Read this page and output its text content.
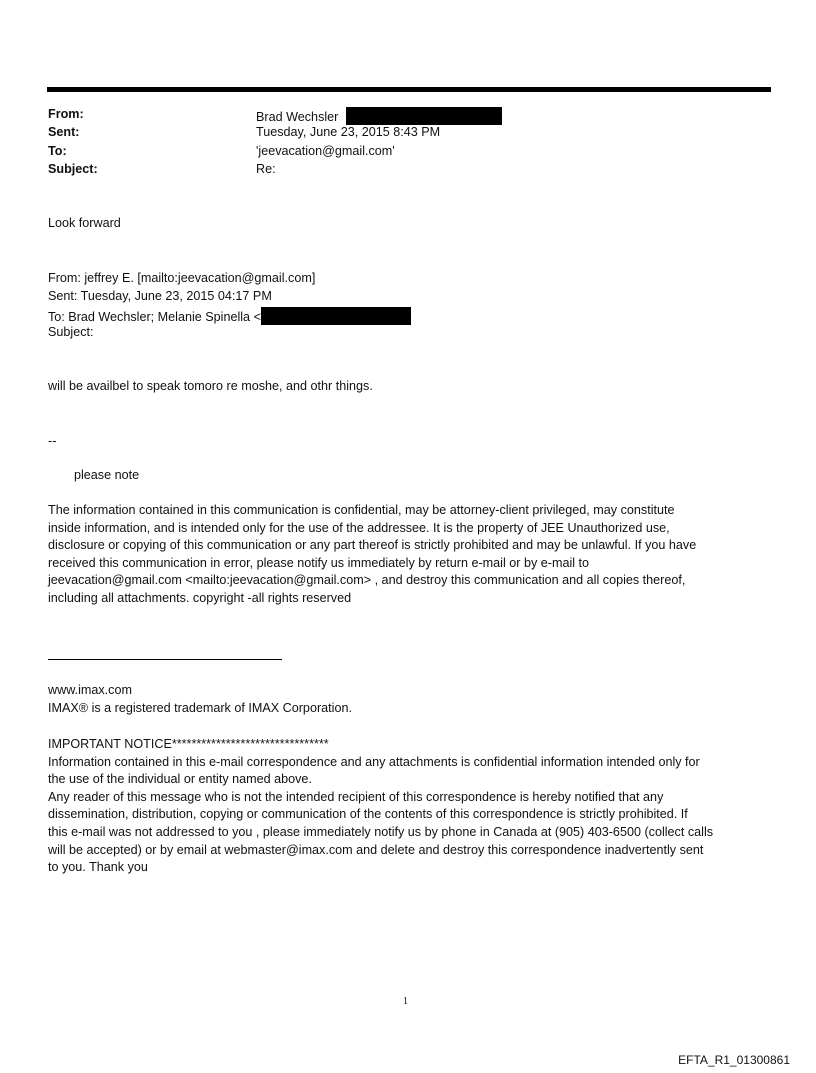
From:	Brad Wechsler
Sent:	Tuesday, June 23, 2015 8:43 PM
To:	'jeevacation@gmail.com'
Subject:	Re:
Look forward
From: jeffrey E. [mailto:jeevacation@gmail.com]
Sent: Tuesday, June 23, 2015 04:17 PM
To: Brad Wechsler; Melanie Spinella <
Subject:
will be availbel to speak tomoro re moshe, and othr things.
--
please note
The information contained in this communication is confidential, may be attorney-client privileged, may constitute
inside information, and is intended only for the use of the addressee. It is the property of JEE Unauthorized use,
disclosure or copying of this communication or any part thereof is strictly prohibited and may be unlawful. If you have
received this communication in error, please notify us immediately by return e-mail or by e-mail to
jeevacation@gmail.com <mailto:jeevacation@gmail.com> , and destroy this communication and all copies thereof,
including all attachments. copyright -all rights reserved
www.imax.com
IMAX® is a registered trademark of IMAX Corporation.
IMPORTANT NOTICE********************************
Information contained in this e-mail correspondence and any attachments is confidential information intended only for
the use of the individual or entity named above.
Any reader of this message who is not the intended recipient of this correspondence is hereby notified that any
dissemination, distribution, copying or communication of the contents of this correspondence is strictly prohibited. If
this e-mail was not addressed to you , please immediately notify us by phone in Canada at (905) 403-6500 (collect calls
will be accepted) or by email at webmaster@imax.com and delete and destroy this correspondence inadvertently sent
to you. Thank you
1
EFTA_R1_01300861
